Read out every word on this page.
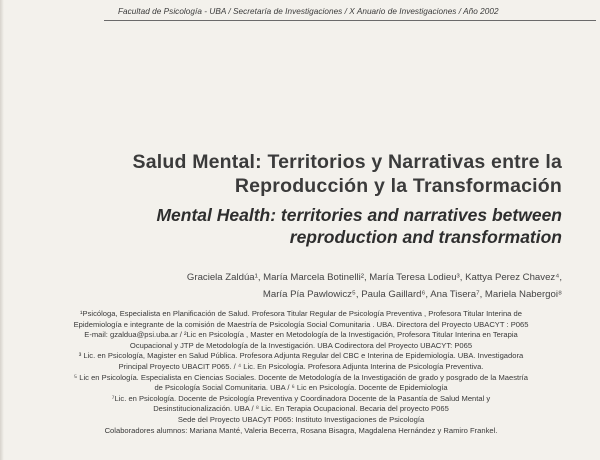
Facultad de Psicología - UBA / Secretaría de Investigaciones / X Anuario de Investigaciones / Año 2002
Salud Mental: Territorios y Narrativas entre la
Reproducción y la Transformación
Mental Health: territories and narratives between
reproduction and transformation
Graciela Zaldúa¹, María Marcela Botinelli², María Teresa Lodieu³, Kattya Perez Chavez⁴,
María Pía Pawlowicz⁵, Paula Gaillard⁶, Ana Tisera⁷, Mariela Nabergoi⁸
¹Psicóloga, Especialista en Planificación de Salud. Profesora Titular Regular de Psicología Preventiva , Profesora Titular Interina de
Epidemiología e integrante de la comisión de Maestría de Psicología Social Comunitaria . UBA. Directora del Proyecto UBACYT : P065
E-mail: gzaldua@psi.uba.ar / ²Lic en Psicología , Master en Metodología de la Investigación, Profesora Titular Interina en Terapia
Ocupacional y JTP de Metodología de la Investigación. UBA Codirectora del Proyecto UBACYT: P065
³ Lic. en Psicología, Magister en Salud Pública. Profesora Adjunta Regular del CBC e Interina de Epidemiología. UBA. Investigadora
Principal Proyecto UBACIT P065. / ⁴ Lic. En Psicología. Profesora Adjunta Interina de Psicología Preventiva.
⁵ Lic en Psicología. Especialista en Ciencias Sociales. Docente de Metodología de la Investigación de grado y posgrado de la Maestría
de Psicología Social Comunitaria. UBA / ⁶ Lic en Psicología. Docente de Epidemiología
⁷Lic. en Psicología. Docente de Psicología Preventiva y Coordinadora Docente de la Pasantía de Salud Mental y
Desinstitucionalización. UBA / ⁸ Lic. En Terapia Ocupacional. Becaria del proyecto P065
Sede del Proyecto UBACyT P065: Instituto Investigaciones de Psicología
Colaboradores alumnos: Mariana Manté, Valeria Becerra, Rosana Bisagra, Magdalena Hernández y Ramiro Frankel.
